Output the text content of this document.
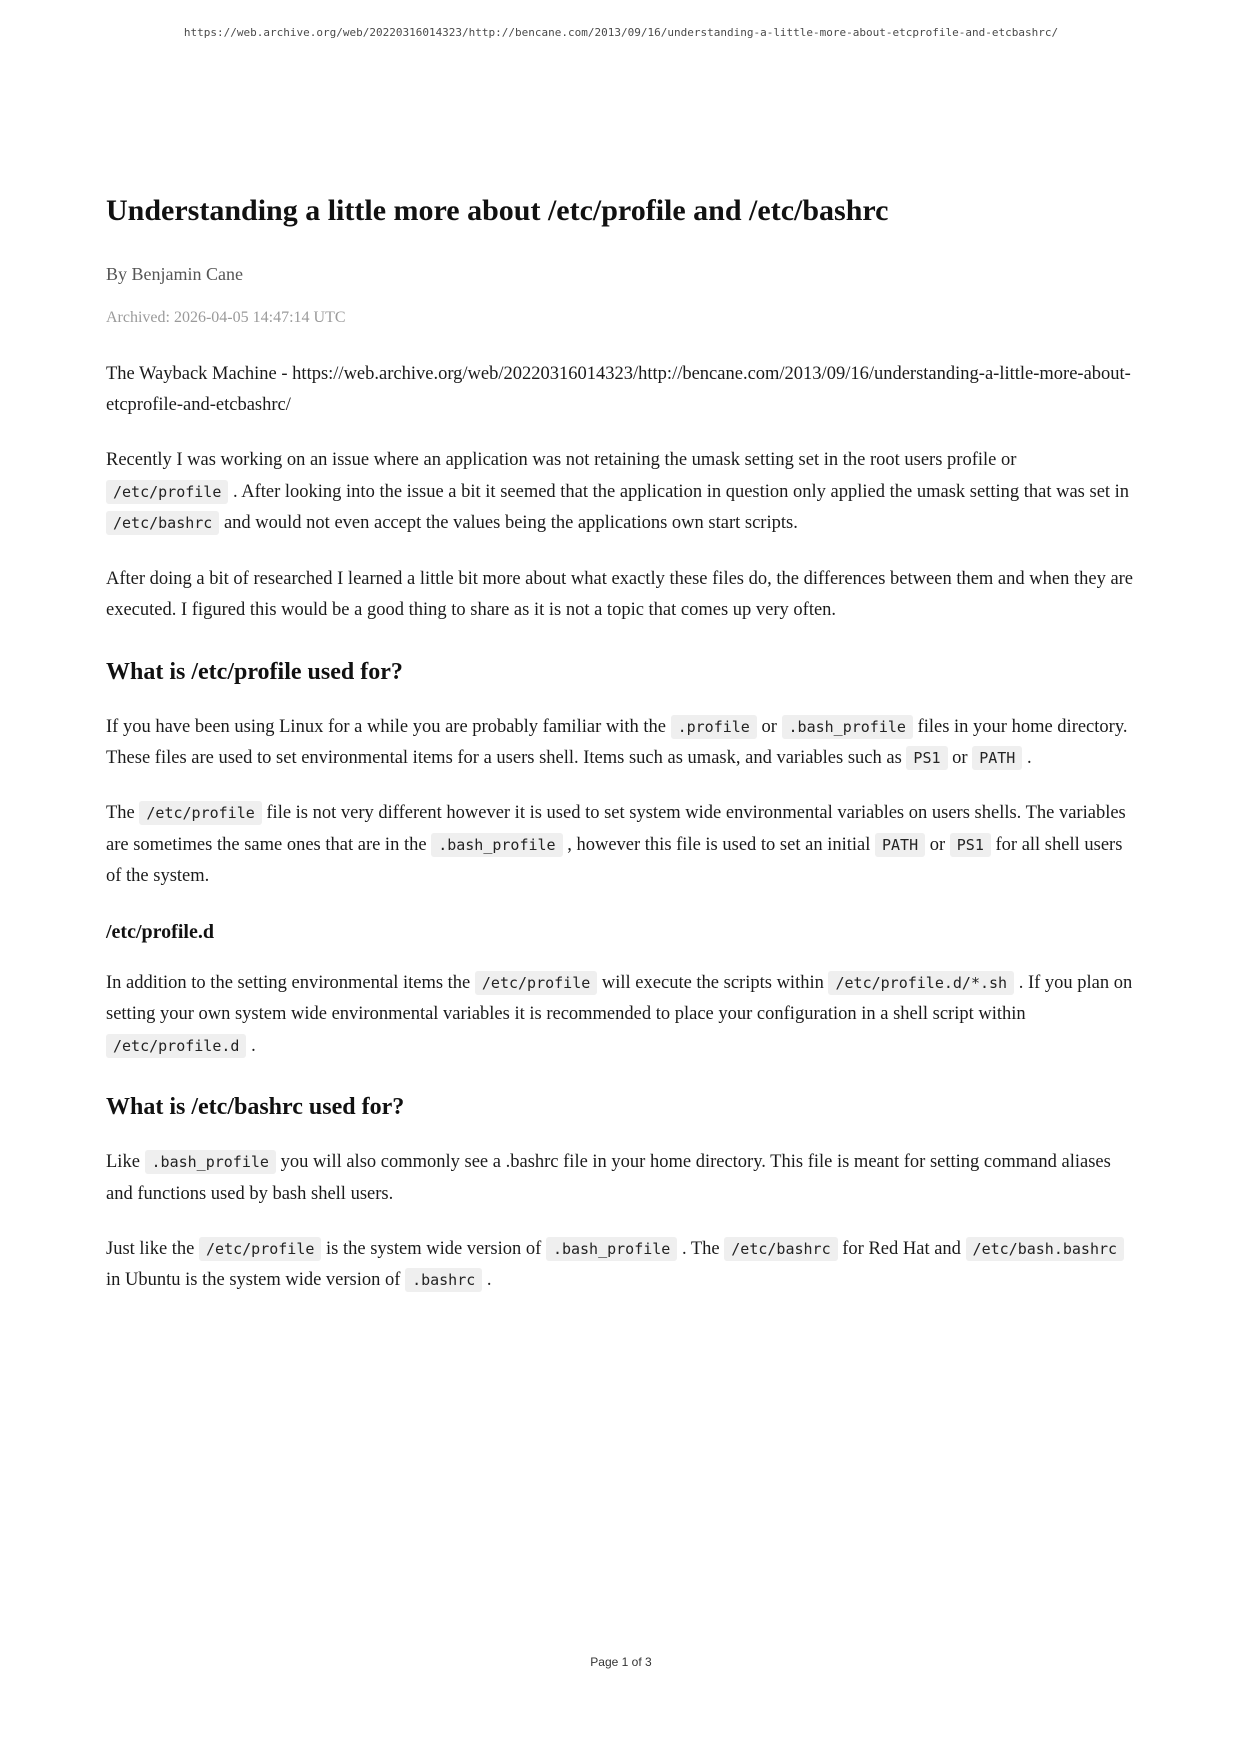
https://web.archive.org/web/20220316014323/http://bencane.com/2013/09/16/understanding-a-little-more-about-etcprofile-and-etcbashrc/
Understanding a little more about /etc/profile and /etc/bashrc

By Benjamin Cane

Archived: 2026-04-05 14:47:14 UTC

The Wayback Machine - https://web.archive.org/web/20220316014323/http://bencane.com/2013/09/16/understanding-a-little-more-about-etcprofile-and-etcbashrc/

Recently I was working on an issue where an application was not retaining the umask setting set in the root users profile or /etc/profile . After looking into the issue a bit it seemed that the application in question only applied the umask setting that was set in /etc/bashrc and would not even accept the values being the applications own start scripts.

After doing a bit of researched I learned a little bit more about what exactly these files do, the differences between them and when they are executed. I figured this would be a good thing to share as it is not a topic that comes up very often.

What is /etc/profile used for?

If you have been using Linux for a while you are probably familiar with the .profile or .bash_profile files in your home directory. These files are used to set environmental items for a users shell. Items such as umask, and variables such as PS1 or PATH .

The /etc/profile file is not very different however it is used to set system wide environmental variables on users shells. The variables are sometimes the same ones that are in the .bash_profile , however this file is used to set an initial PATH or PS1 for all shell users of the system.

/etc/profile.d

In addition to the setting environmental items the /etc/profile will execute the scripts within /etc/profile.d/*.sh . If you plan on setting your own system wide environmental variables it is recommended to place your configuration in a shell script within /etc/profile.d .

What is /etc/bashrc used for?

Like .bash_profile you will also commonly see a .bashrc file in your home directory. This file is meant for setting command aliases and functions used by bash shell users.

Just like the /etc/profile is the system wide version of .bash_profile . The /etc/bashrc for Red Hat and /etc/bash.bashrc in Ubuntu is the system wide version of .bashrc .

Page 1 of 3
